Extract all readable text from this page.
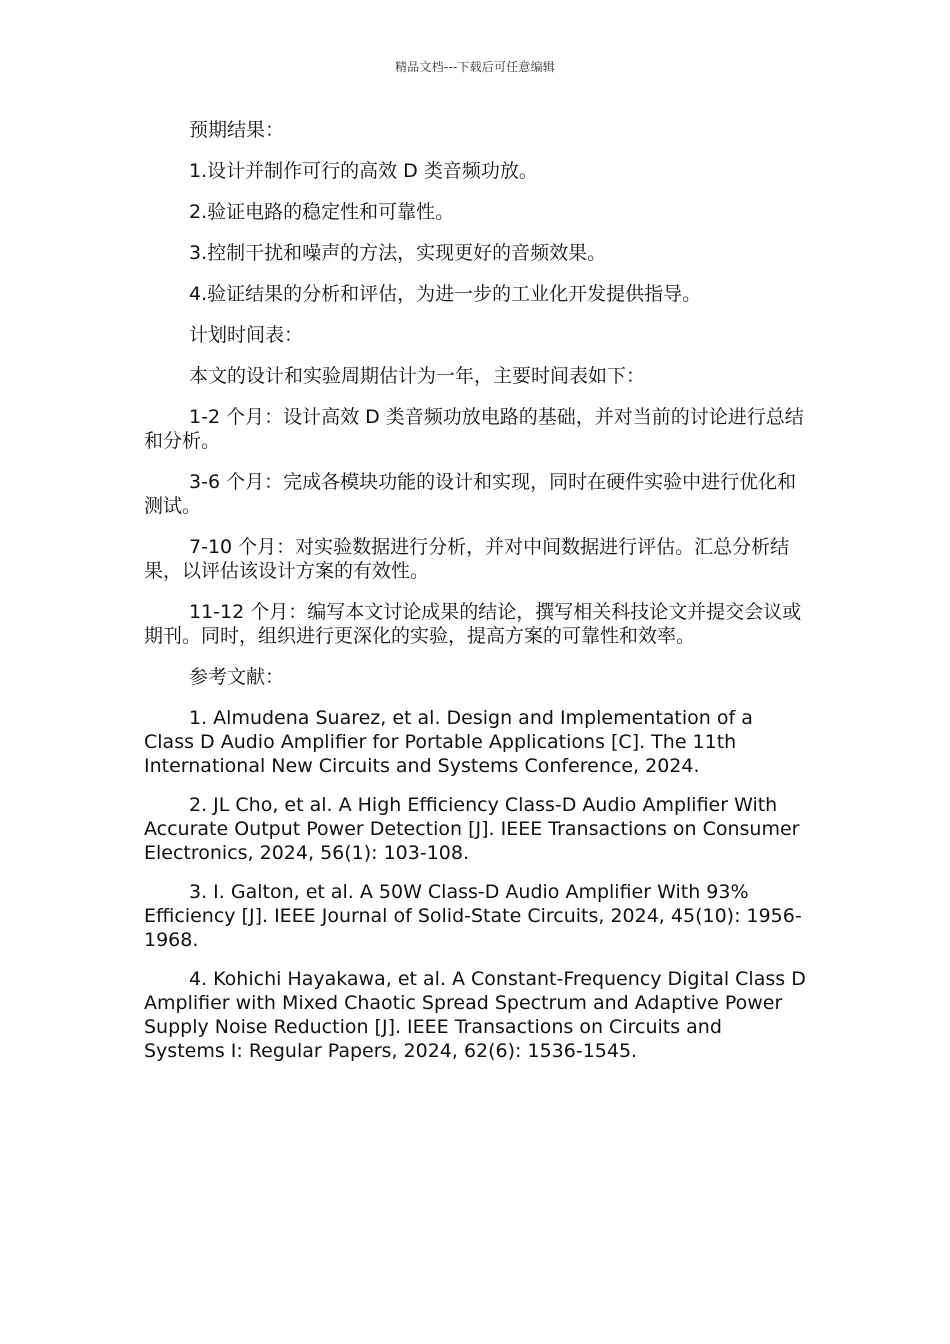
精品文档---下载后可任意编辑

预期结果：

1.设计并制作可行的高效 D 类音频功放。

2.验证电路的稳定性和可靠性。

3.控制干扰和噪声的方法，实现更好的音频效果。

4.验证结果的分析和评估，为进一步的工业化开发提供指导。

计划时间表：

本文的设计和实验周期估计为一年，主要时间表如下：

1-2 个月：设计高效 D 类音频功放电路的基础，并对当前的讨论进行总结和分析。

3-6 个月：完成各模块功能的设计和实现，同时在硬件实验中进行优化和测试。

7-10 个月：对实验数据进行分析，并对中间数据进行评估。汇总分析结果，以评估该设计方案的有效性。

11-12 个月：编写本文讨论成果的结论，撰写相关科技论文并提交会议或期刊。同时，组织进行更深化的实验，提高方案的可靠性和效率。

参考文献：

1. Almudena Suarez, et al. Design and Implementation of a Class D Audio Amplifier for Portable Applications [C]. The 11th International New Circuits and Systems Conference, 2024.

2. JL Cho, et al. A High Efficiency Class-D Audio Amplifier With Accurate Output Power Detection [J]. IEEE Transactions on Consumer Electronics, 2024, 56(1): 103-108.

3. I. Galton, et al. A 50W Class-D Audio Amplifier With 93% Efficiency [J]. IEEE Journal of Solid-State Circuits, 2024, 45(10): 1956-1968.

4. Kohichi Hayakawa, et al. A Constant-Frequency Digital Class D Amplifier with Mixed Chaotic Spread Spectrum and Adaptive Power Supply Noise Reduction [J]. IEEE Transactions on Circuits and Systems I: Regular Papers, 2024, 62(6): 1536-1545.
